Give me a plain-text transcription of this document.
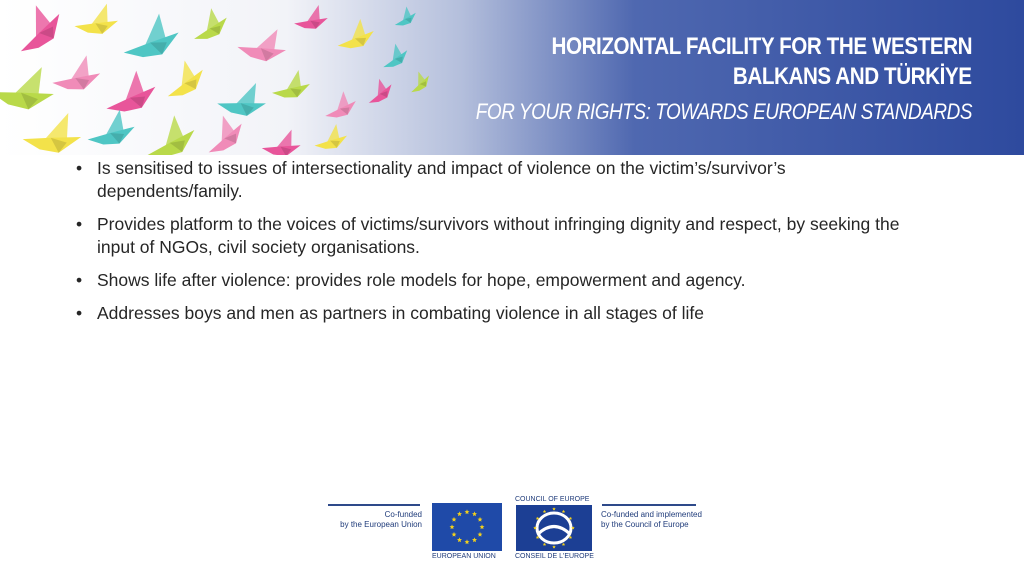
HORIZONTAL FACILITY FOR THE WESTERN
BALKANS AND TÜRKİYE
FOR YOUR RIGHTS: TOWARDS EUROPEAN STANDARDS
• Is sensitised to issues of intersectionality and impact of violence on the victim’s/survivor’s dependents/family.
• Provides platform to the voices of victims/survivors without infringing dignity and respect, by seeking the input of NGOs, civil society organisations.
• Shows life after violence: provides role models for hope, empowerment and agency.
• Addresses boys and men as partners in combating violence in all stages of life
Co-funded
by the European Union
EUROPEAN UNION
COUNCIL OF EUROPE
CONSEIL DE L'EUROPE
Co-funded and implemented
by the Council of Europe
